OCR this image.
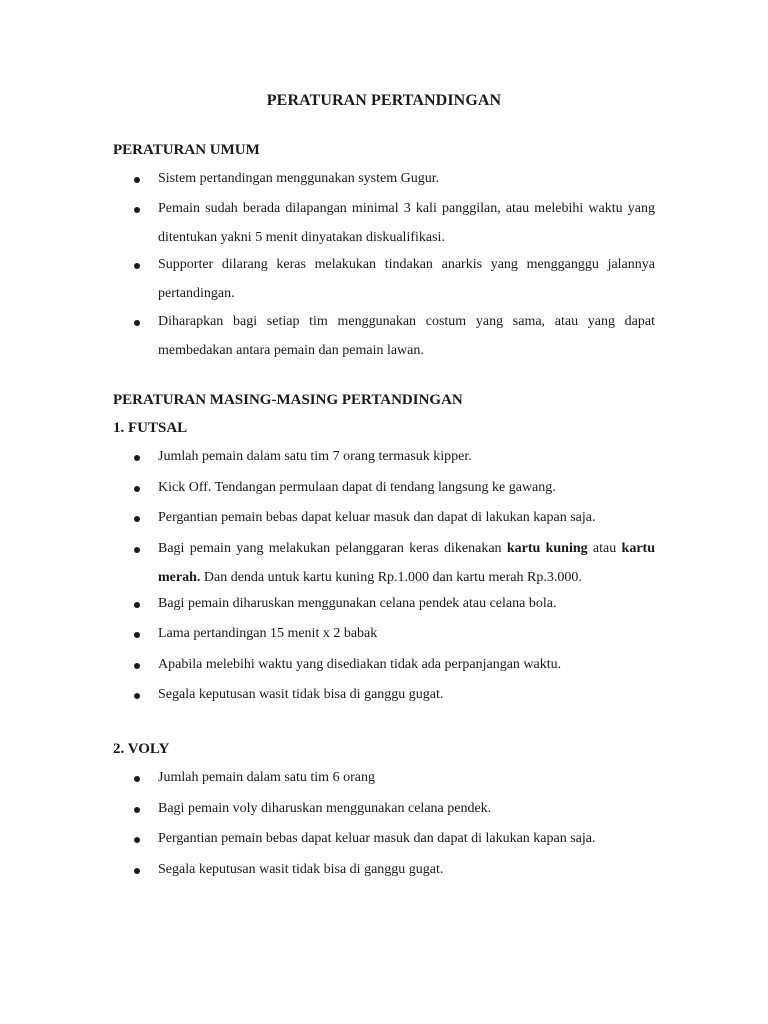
PERATURAN PERTANDINGAN
PERATURAN UMUM
Sistem pertandingan menggunakan system Gugur.
Pemain sudah berada dilapangan minimal 3 kali panggilan, atau melebihi waktu yang ditentukan yakni 5 menit dinyatakan diskualifikasi.
Supporter dilarang keras melakukan tindakan anarkis yang mengganggu jalannya pertandingan.
Diharapkan bagi setiap tim menggunakan costum yang sama, atau yang dapat membedakan antara pemain dan pemain lawan.
PERATURAN MASING-MASING PERTANDINGAN
1. FUTSAL
Jumlah pemain dalam satu tim 7 orang termasuk kipper.
Kick Off. Tendangan permulaan dapat di tendang langsung ke gawang.
Pergantian pemain bebas dapat keluar masuk dan dapat di lakukan kapan saja.
Bagi pemain yang melakukan pelanggaran keras dikenakan kartu kuning atau kartu merah. Dan denda untuk kartu kuning Rp.1.000 dan kartu merah Rp.3.000.
Bagi pemain diharuskan menggunakan celana pendek atau celana bola.
Lama pertandingan 15 menit x 2 babak
Apabila melebihi waktu yang disediakan tidak ada perpanjangan waktu.
Segala keputusan wasit tidak bisa di ganggu gugat.
2. VOLY
Jumlah pemain dalam satu tim 6 orang
Bagi pemain voly diharuskan menggunakan celana pendek.
Pergantian pemain bebas dapat keluar masuk dan dapat di lakukan kapan saja.
Segala keputusan wasit tidak bisa di ganggu gugat.
